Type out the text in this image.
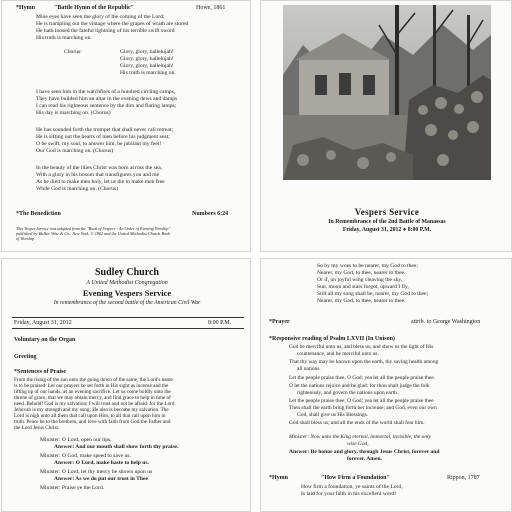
*Hymn	"Battle Hymn of the Republic"	Howe, 1861
Mine eyes have seen the glory of the coming of the Lord;
He is trampling out the vintage where the grapes of wrath are stored
He hath loosed the fateful lightning of his terrible swift sword
His truth is marching on.
Chorus:	Glory, glory, hallelujah!
Glory, glory, hallelujah!
Glory, glory, hallelujah!
His truth is marching on.
I have seen him in the watchfires of a hundred circling camps,
They have builded him an altar in the evening dews and damps
I can read his righteous sentence by the dim and flaring lamps;
His day is marching on. (Chorus)
He has sounded forth the trumpet that shall never call retreat;
He is sifting out the hearts of men before his judgment seat;
O be swift, my soul, to answer him, be jubilant my feet!
Our God is marching on. (Chorus)
In the beauty of the lilies Christ was born across the sea,
With a glory in his bosom that transfigures you and me
As he died to make men holy, let us die to make men free
While God is marching on. (Chorus)
*The Benediction	Numbers 6:24
This Vesper Service was adapted from the "Book of Vespers - An Order of Evening Worship"
published by Walker Wise & Co., New York, © 1862 and the United Methodist Church Book
of Worship.
Vespers Service
In Remembrance of the 2nd Battle of Manassas
Friday, August 31, 2012 ● 8:00 P.M.
Sudley Church
A United Methodist Congregation
Evening Vespers Service
In remembrance of the second battle of the American Civil War
Friday, August 31, 2012	8:00 P.M.
Voluntary on the Organ
Greeting
*Sentences of Praise
From the rising of the sun unto the going down of the same, the Lord's name
is to be praised. Let our prayers be set forth in His sight as incense and the
lifting up of our hands, as an evening sacrifice. Let us come boldly unto the
throne of grace, that we may obtain mercy, and find grace to help in time of
need. Behold! God is my salvation; I will trust and not be afraid: for the Lord
Jehovah is my strength and my song; He also is become my salvation. The
Lord is nigh unto all them that call upon Him, to all that call upon him in
truth. Peace be to the brethren, and love with faith from God the Father and
the Lord Jesus Christ.
Minister: O Lord, open our lips.
Answer: And our mouth shall show forth thy praise.
Minister: O God, make speed to save us.
Answer: O Lord, make haste to help us.
Minister: O Lord, let thy mercy be shown upon us
Answer: As we do put our trust in Thee
Minister: Praise ye the Lord.
So by my woes to be nearer, my God to thee;
Nearer, my God, to thee, nearer to thee.
Or if, on joyful wing cleaving the sky,
Sun, moon and stars forgot, upward I fly,
Still all my song shall be, nearer, my God to thee;
Nearer, my God, to thee, nearer to thee.
*Prayer	attrib. to George Washington
*Responsive reading of Psalm LXVII (In Unison)
God be merciful unto us, and bless us, and show us the light of His
countenance, and be merciful unto us.
That thy way may be known upon the earth, thy saving health among
all nations.
Let the people praise thee, O God; yea let all the people praise thee.
O let the nations rejoice and be glad: for thou shalt judge the folk
righteously, and govern the nations upon earth.
Let the people praise thee, O God; yea let all the people praise thee
Then shall the earth bring forth her increase; and God, even our own
God, shall give us His Blessings.
God shall bless us; and all the ends of the world shall fear him.
Minister: Now unto the King eternal, immortal, invisible, the only
wise God,
Answer: Be honor and glory, through Jesus Christ, forever and
forever. Amen.
*Hymn	"How Firm a Foundation"	Rippon, 1787
How firm a foundation, ye saints of the Lord,
Is laid for your faith in his excellent word!
